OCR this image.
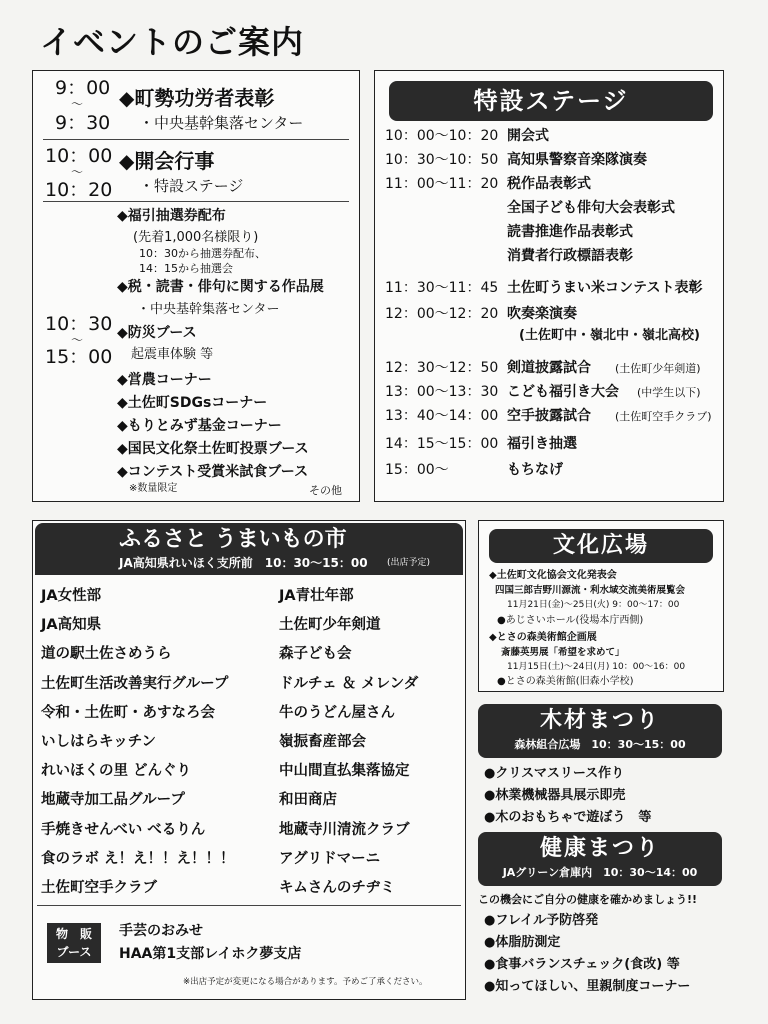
イベントのご案内
9：00
～
9：30
◆町勢功労者表彰
・中央基幹集落センター
10：00
～
10：20
◆開会行事
・特設ステージ
10：30
～
15：00
◆福引抽選券配布
(先着1,000名様限り)
10：30から抽選券配布、
14：15から抽選会
◆税・読書・俳句に関する作品展
・中央基幹集落センター
◆防災ブース
起震車体験 等
◆営農コーナー
◆土佐町SDGsコーナー
◆もりとみず基金コーナー
◆国民文化祭土佐町投票ブース
◆コンテスト受賞米試食ブース
※数量限定	その他
特設ステージ
10：00～10：20 開会式
10：30～10：50 高知県警察音楽隊演奏
11：00～11：20 税作品表彰式
全国子ども俳句大会表彰式
読書推進作品表彰式
消費者行政標語表彰
11：30～11：45 土佐町うまい米コンテスト表彰
12：00～12：20 吹奏楽演奏
(土佐町中・嶺北中・嶺北高校)
12：30～12：50 剣道披露試合 (土佐町少年剣道)
13：00～13：30 こども福引き大会 (中学生以下)
13：40～14：00 空手披露試合 (土佐町空手クラブ)
14：15～15：00 福引き抽選
15：00～	もちなげ
ふるさと うまいもの市
JA高知県れいほく支所前　10：30～15：00 (出店予定)
JA女性部
JA高知県
道の駅土佐さめうら
土佐町生活改善実行グループ
令和・土佐町・あすなろ会
いしはらキッチン
れいほくの里 どんぐり
地蔵寺加工品グループ
手焼きせんべい べるりん
食のラボ え！え！！え！！！
土佐町空手クラブ
JA青壮年部
土佐町少年剣道
森子ども会
ドルチェ ＆ メレンダ
牛のうどん屋さん
嶺振畜産部会
中山間直払集落協定
和田商店
地蔵寺川清流クラブ
アグリドマーニ
キムさんのチヂミ
物　販
ブース
手芸のおみせ
HAA第1支部レイホク夢支店
※出店予定が変更になる場合があります。予めご了承ください。
文化広場
◆土佐町文化協会文化発表会
四国三郎吉野川源流・利水域交流美術展覧会
11月21日(金)～25日(火) 9：00～17：00
●あじさいホール(役場本庁西側)
◆とさの森美術館企画展
斎藤英男展「希望を求めて」
11月15日(土)～24日(月) 10：00～16：00
●とさの森美術館(旧森小学校)
木材まつり
森林組合広場　10：30～15：00
●クリスマスリース作り
●林業機械器具展示即売
●木のおもちゃで遊ぼう　等
健康まつり
JAグリーン倉庫内　10：30～14：00
この機会にご自分の健康を確かめましょう!!
●フレイル予防啓発
●体脂肪測定
●食事バランスチェック(食改) 等
●知ってほしい、里親制度コーナー
